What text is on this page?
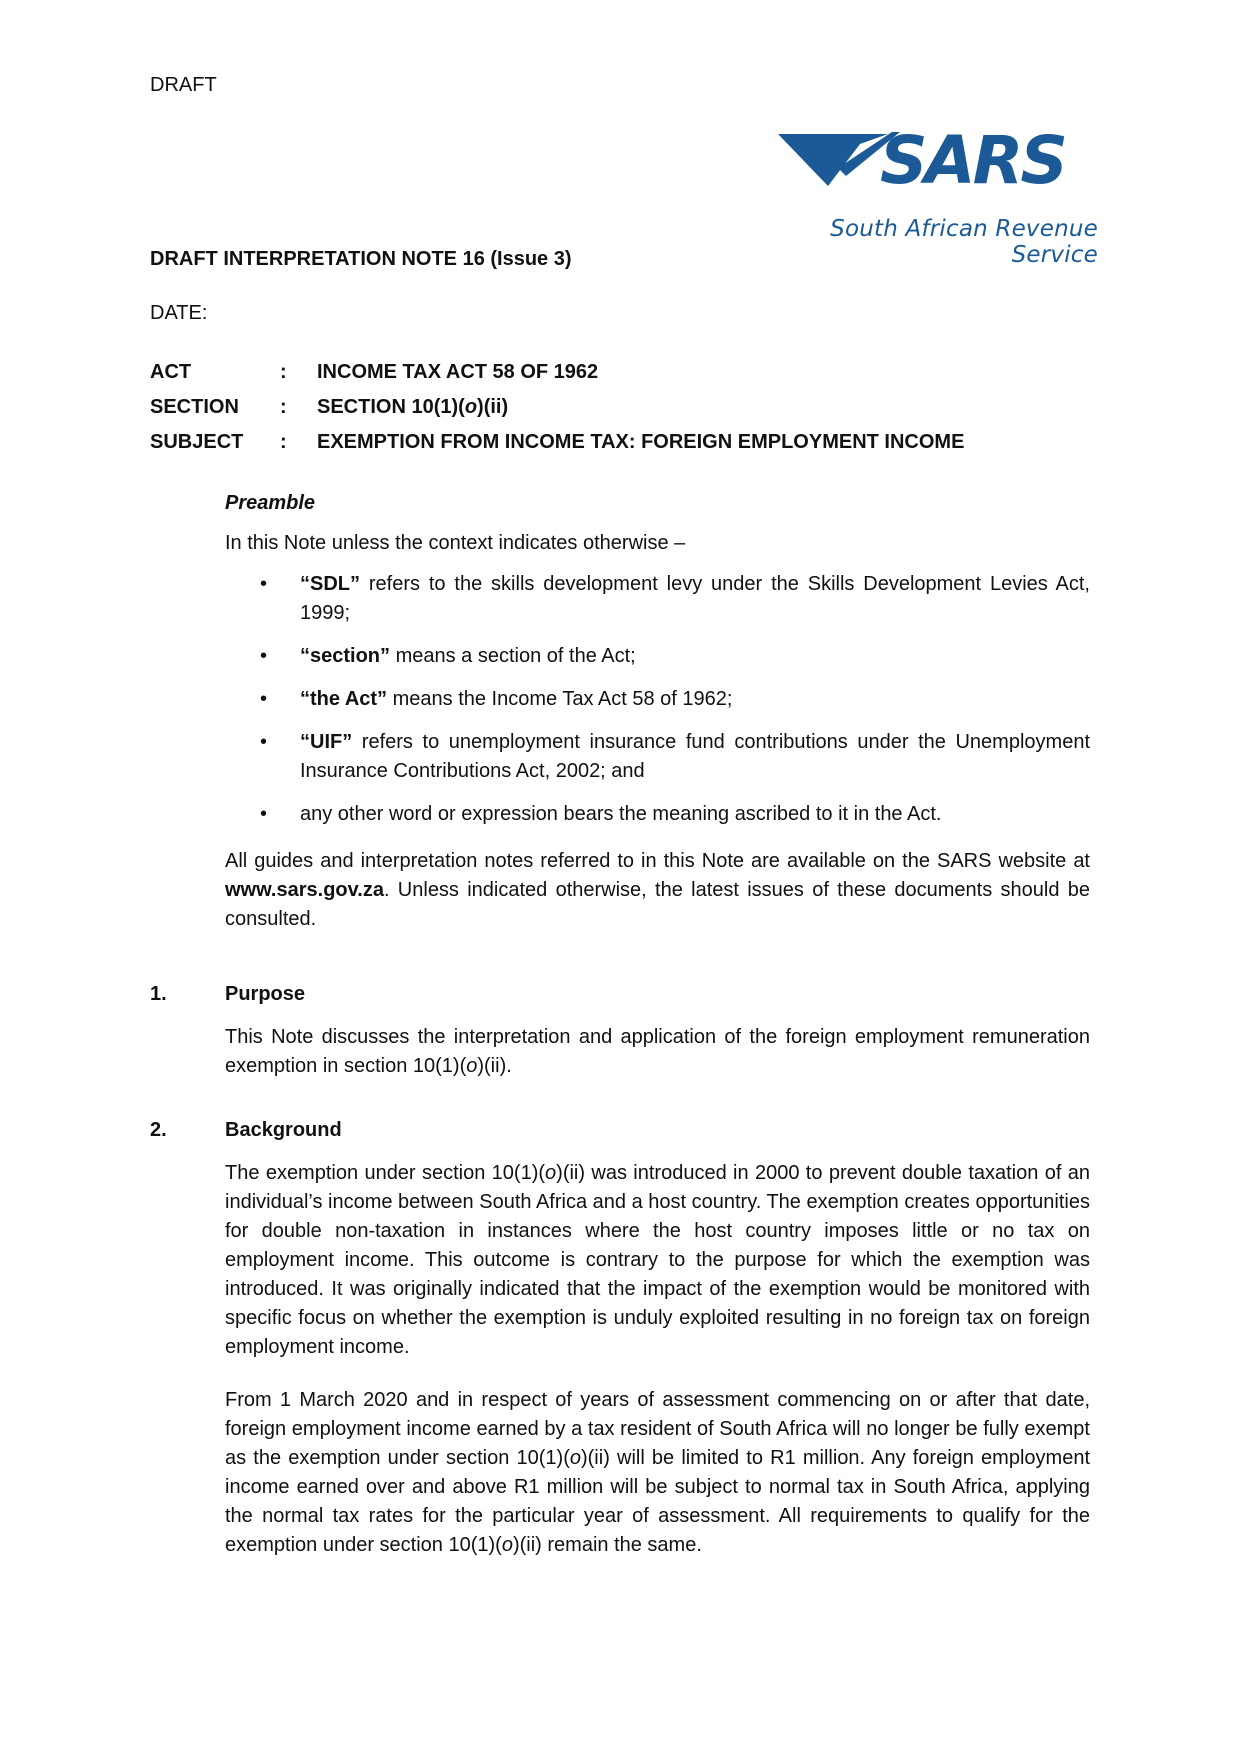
DRAFT
SARS
South African Revenue Service
DRAFT INTERPRETATION NOTE 16 (Issue 3)
DATE:
ACT	:	INCOME TAX ACT 58 OF 1962
SECTION	:	SECTION 10(1)(o)(ii)
SUBJECT	:	EXEMPTION FROM INCOME TAX: FOREIGN EMPLOYMENT INCOME
Preamble

In this Note unless the context indicates otherwise –

• “SDL” refers to the skills development levy under the Skills Development Levies Act, 1999;
• “section” means a section of the Act;
• “the Act” means the Income Tax Act 58 of 1962;
• “UIF” refers to unemployment insurance fund contributions under the Unemployment Insurance Contributions Act, 2002; and
• any other word or expression bears the meaning ascribed to it in the Act.

All guides and interpretation notes referred to in this Note are available on the SARS website at www.sars.gov.za. Unless indicated otherwise, the latest issues of these documents should be consulted.

1.	Purpose

This Note discusses the interpretation and application of the foreign employment remuneration exemption in section 10(1)(o)(ii).

2.	Background

The exemption under section 10(1)(o)(ii) was introduced in 2000 to prevent double taxation of an individual’s income between South Africa and a host country. The exemption creates opportunities for double non-taxation in instances where the host country imposes little or no tax on employment income. This outcome is contrary to the purpose for which the exemption was introduced. It was originally indicated that the impact of the exemption would be monitored with specific focus on whether the exemption is unduly exploited resulting in no foreign tax on foreign employment income.

From 1 March 2020 and in respect of years of assessment commencing on or after that date, foreign employment income earned by a tax resident of South Africa will no longer be fully exempt as the exemption under section 10(1)(o)(ii) will be limited to R1 million. Any foreign employment income earned over and above R1 million will be subject to normal tax in South Africa, applying the normal tax rates for the particular year of assessment. All requirements to qualify for the exemption under section 10(1)(o)(ii) remain the same.
